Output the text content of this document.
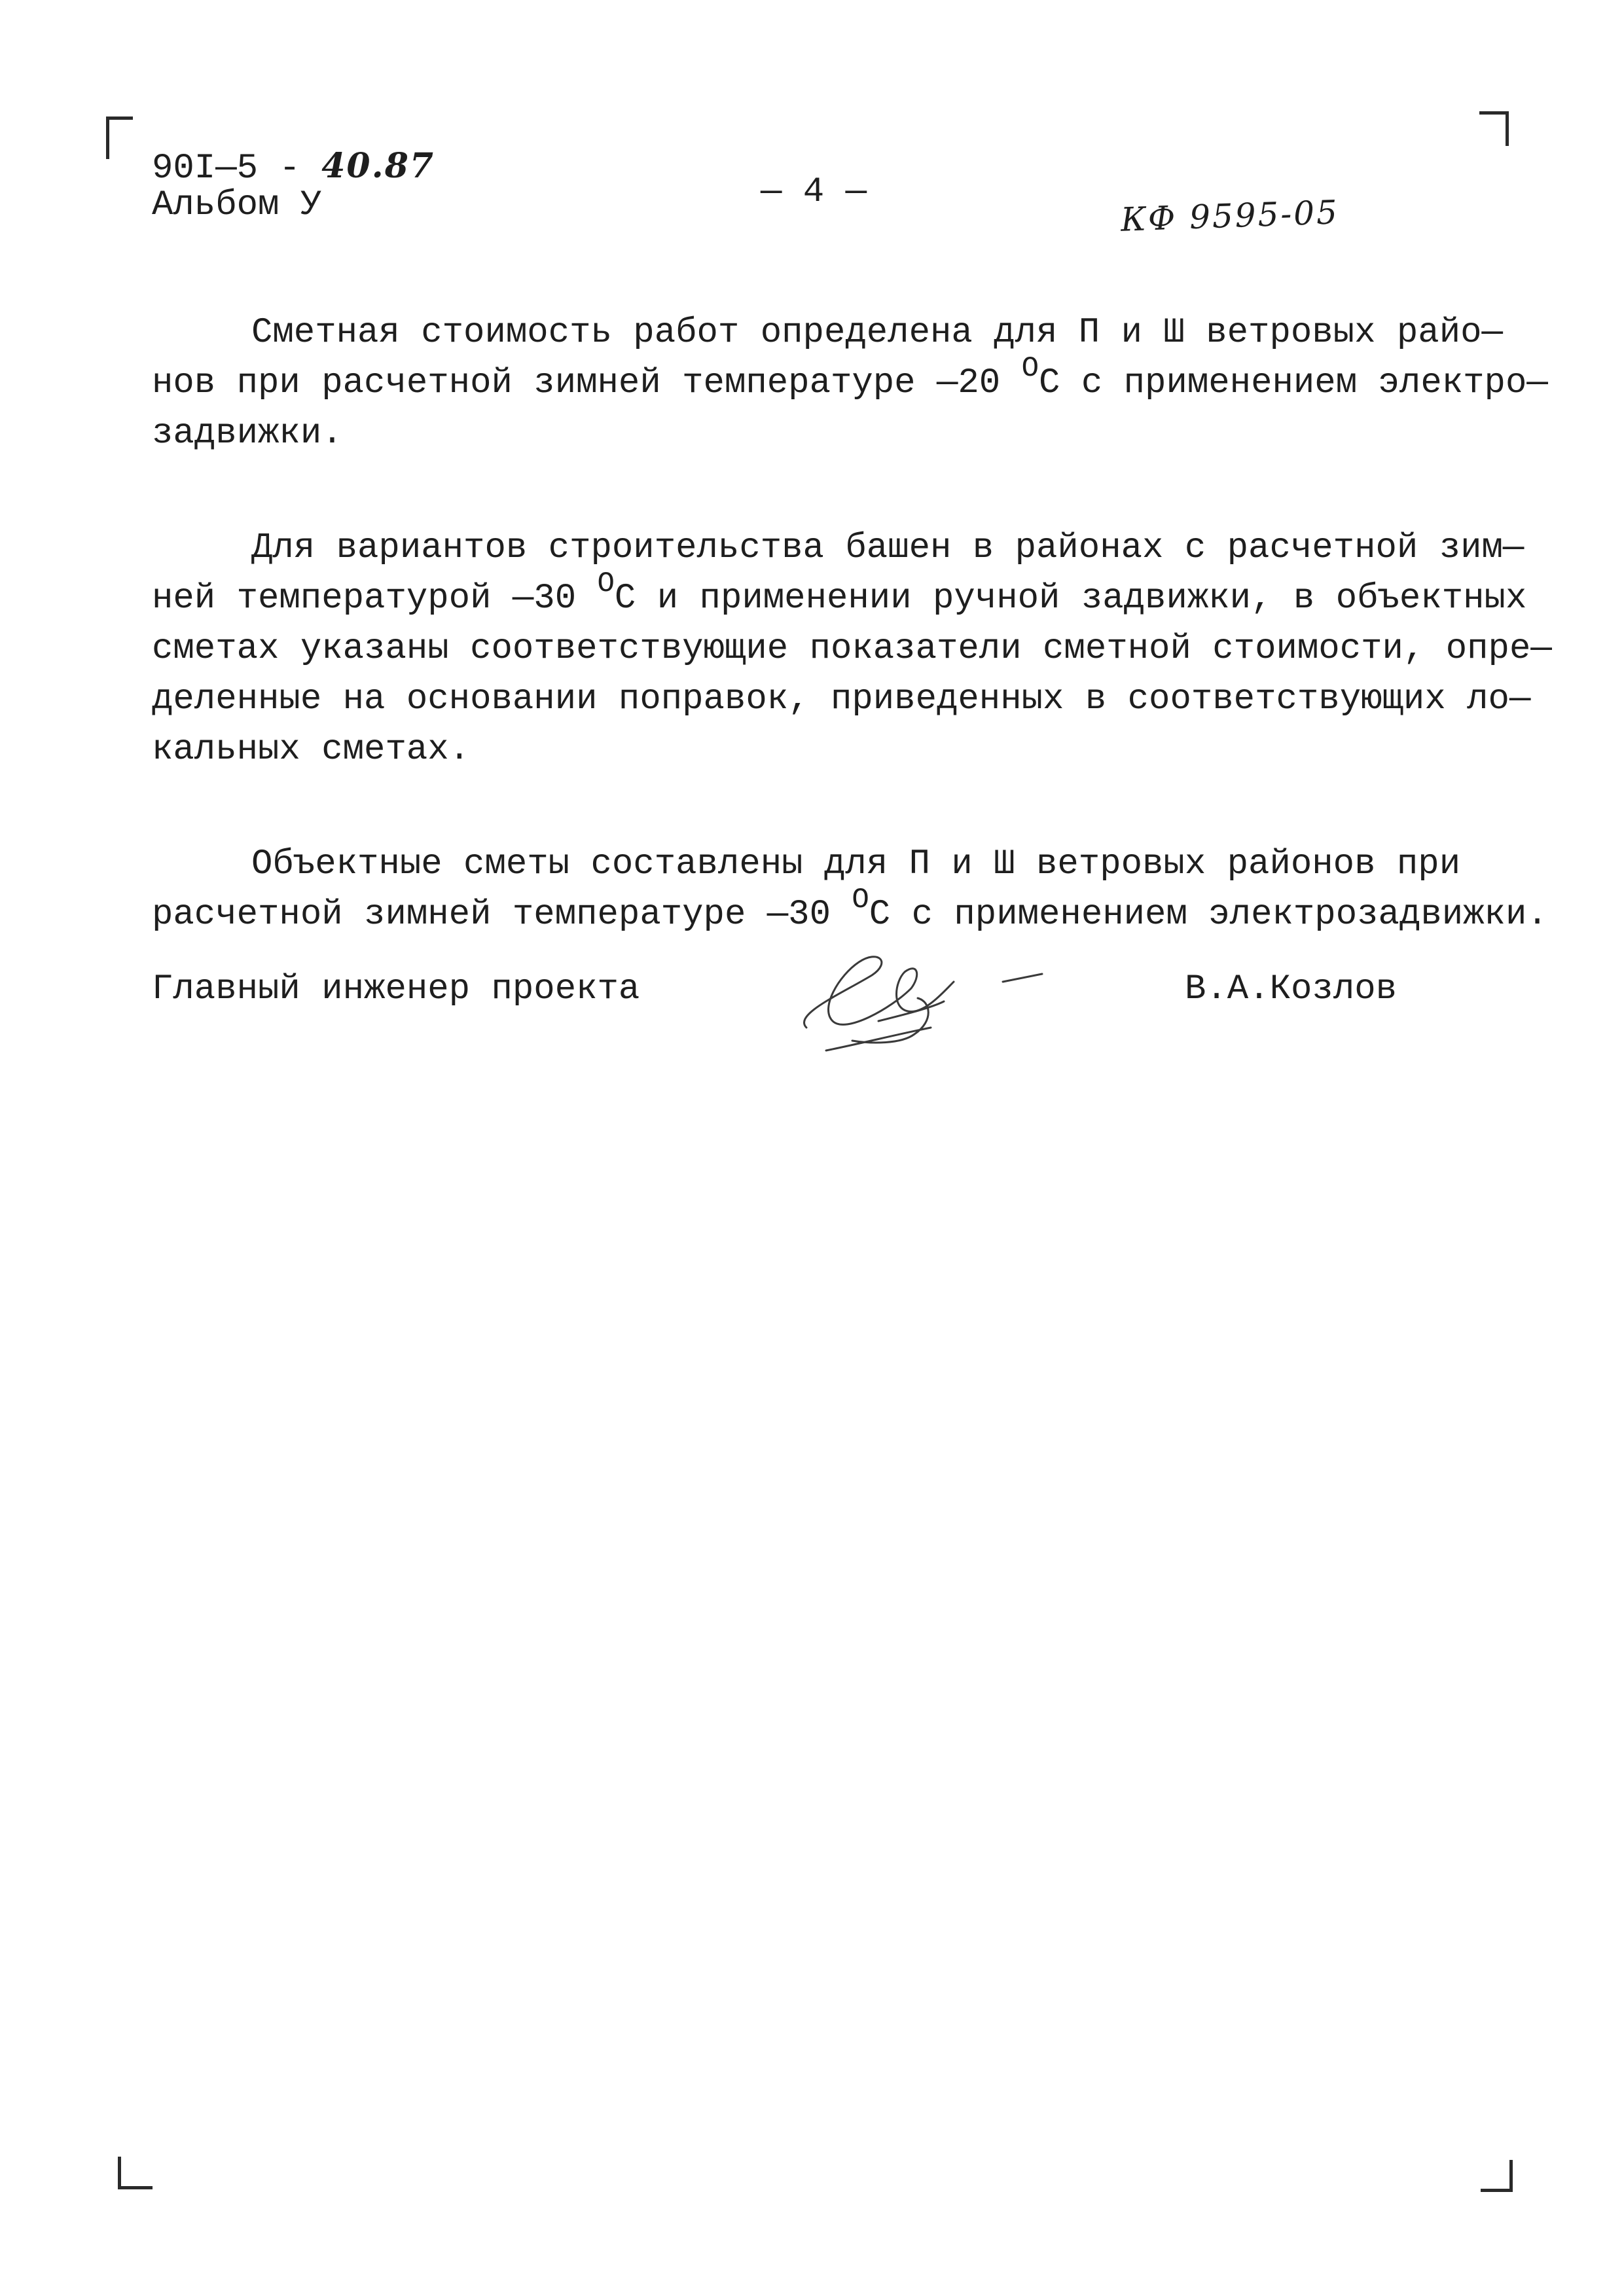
90I—5 - 40.87
Альбом У	— 4 —
КФ 9595-05

Сметная стоимость работ определена для П и Ш ветровых райо—
нов при расчетной зимней температуре —20 $^O$С с применением электро—
задвижки.

Для вариантов строительства башен в районах с расчетной зим—
ней температурой —30 $^O$С и применении ручной задвижки, в объектных
сметах указаны соответствующие показатели сметной стоимости, опре—
деленные на основании поправок, приведенных в соответствующих ло—
кальных сметах.

Объектные сметы составлены для П и Ш ветровых районов при
расчетной зимней температуре —30 $^O$С с применением электрозадвижки.

Главный инженер проекта	В.А.Козлов
